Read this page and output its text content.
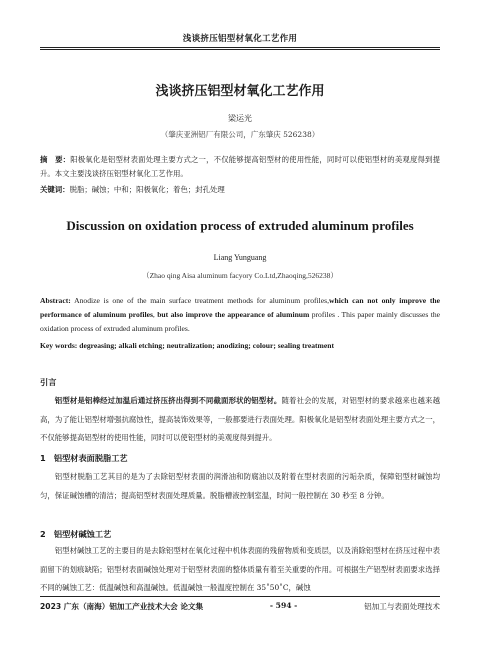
浅谈挤压铝型材氧化工艺作用
浅谈挤压铝型材氧化工艺作用
梁运光
（肇庆亚洲铝厂有限公司，广东肇庆 526238）
摘　要：阳极氧化是铝型材表面处理主要方式之一，不仅能够提高铝型材的使用性能，同时可以使铝型材的美观度得到提升。本文主要浅谈挤压铝型材氧化工艺作用。
关键词：脱脂；碱蚀；中和；阳极氧化；着色；封孔处理
Discussion on oxidation process of extruded aluminum profiles
Liang Yunguang
（Zhao qing Aisa aluminum facyory Co.Ltd,Zhaoqing,526238）
Abstract: Anodize is one of the main surface treatment methods for aluminum profiles,which can not only improve the performance of aluminum profiles, but also improve the appearance of aluminum profiles . This paper mainly discusses the oxidation process of extruded aluminum profiles.
Key words: degreasing; alkali etching; neutralization; anodizing; colour; sealing treatment
引言
铝型材是铝棒经过加温后通过挤压挤出得到不同截面形状的铝型材。随着社会的发展，对铝型材的要求越来也越来越高，为了能让铝型材增强抗腐蚀性，提高装饰效果等，一般都要进行表面处理。阳极氧化是铝型材表面处理主要方式之一，不仅能够提高铝型材的使用性能，同时可以使铝型材的美观度得到提升。
1　铝型材表面脱脂工艺
铝型材脱脂工艺其目的是为了去除铝型材表面的润滑油和防腐油以及附着在型材表面的污垢杂质，保障铝型材碱蚀均匀，保证碱蚀槽的清洁；提高铝型材表面处理质量。脱脂槽液控制室温，时间一般控制在 30 秒至 8 分钟。
2　铝型材碱蚀工艺
铝型材碱蚀工艺的主要目的是去除铝型材在氧化过程中机体表面的残留物质和变质层，以及消除铝型材在挤压过程中表面留下的划痕缺陷；铝型材表面碱蚀处理对于铝型材表面的整体质量有着至关重要的作用。可根据生产铝型材表面要求选择不同的碱蚀工艺：低温碱蚀和高温碱蚀。低温碱蚀一般温度控制在 35˚50˚C，碱蚀
2023 广东（南海）铝加工产业技术大会 论文集	- 594 -	铝加工与表面处理技术
